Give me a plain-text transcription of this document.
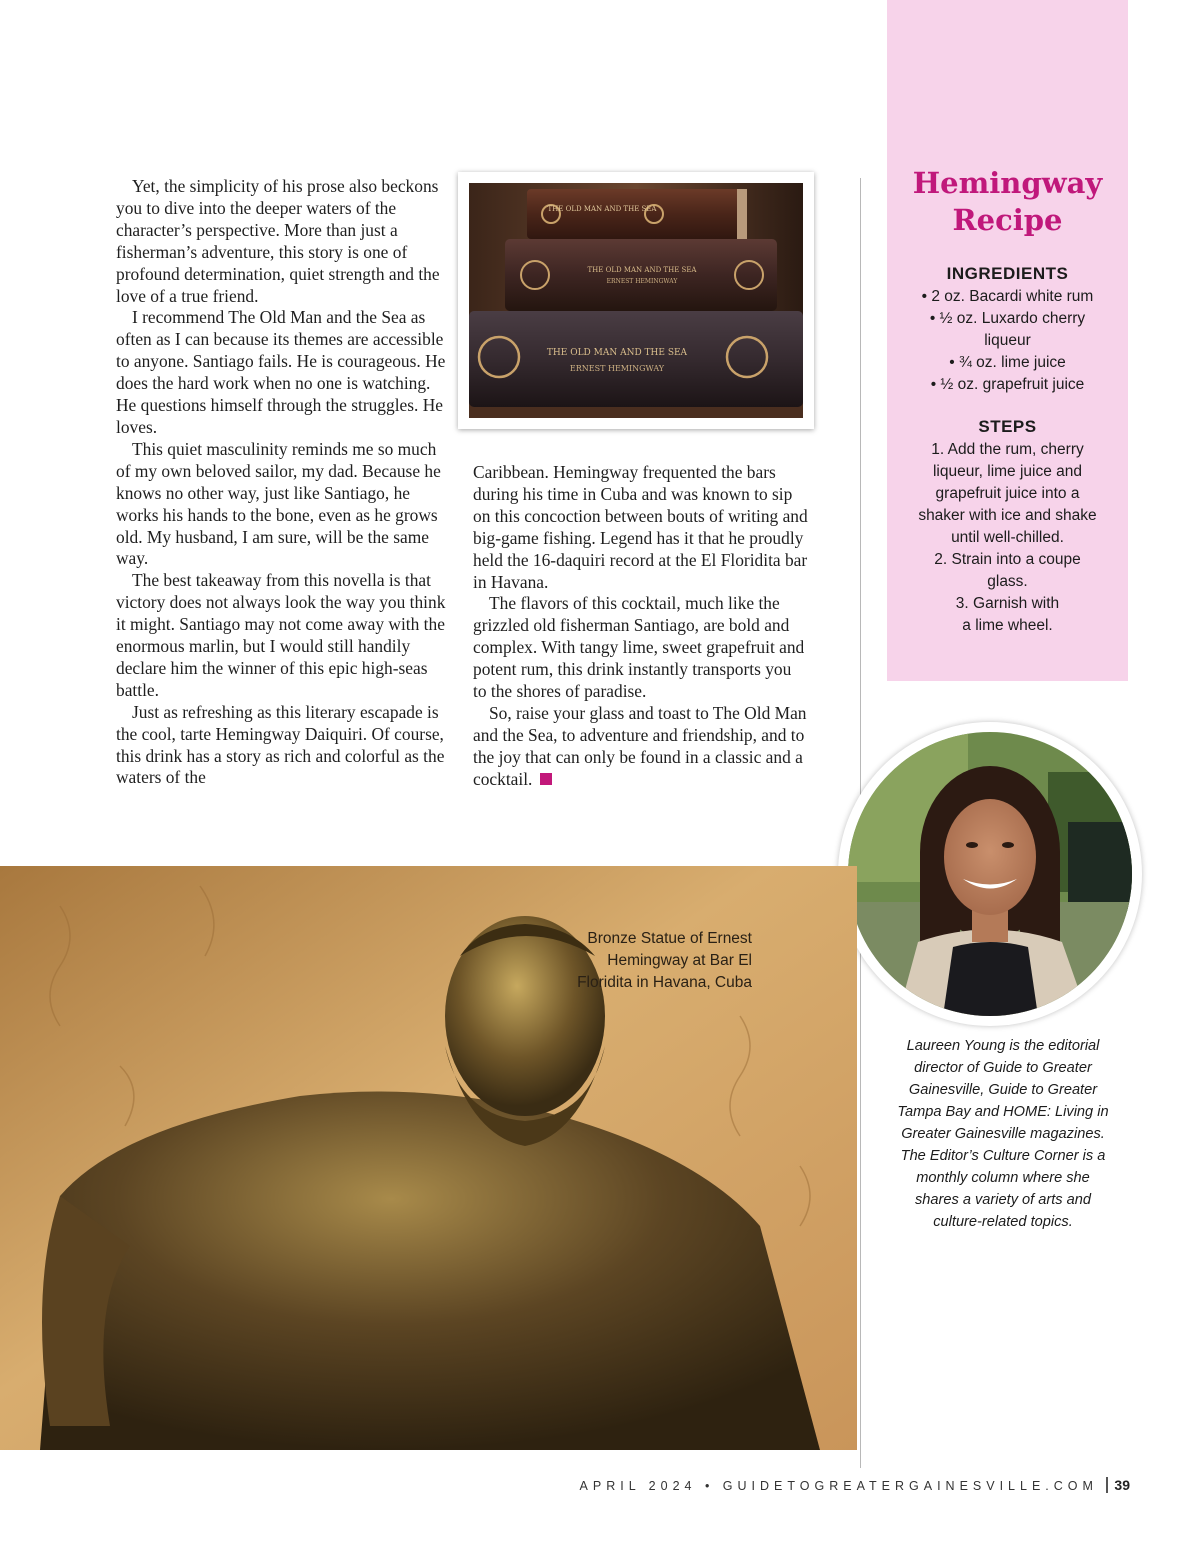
Yet, the simplicity of his prose also beckons you to dive into the deeper waters of the character’s perspective. More than just a fisherman’s adventure, this story is one of profound determination, quiet strength and the love of a true friend.

I recommend The Old Man and the Sea as often as I can because its themes are accessible to anyone. Santiago fails. He is courageous. He does the hard work when no one is watching. He questions himself through the struggles. He loves.

This quiet masculinity reminds me so much of my own beloved sailor, my dad. Because he knows no other way, just like Santiago, he works his hands to the bone, even as he grows old. My husband, I am sure, will be the same way.

The best takeaway from this novella is that victory does not always look the way you think it might. Santiago may not come away with the enormous marlin, but I would still handily declare him the winner of this epic high-seas battle.

Just as refreshing as this literary escapade is the cool, tarte Hemingway Daiquiri. Of course, this drink has a story as rich and colorful as the waters of the

THE OLD MAN AND THE SEA
THE OLD MAN AND THE SEA
ERNEST HEMINGWAY
THE OLD MAN AND THE SEA
ERNEST HEMINGWAY

Caribbean. Hemingway frequented the bars during his time in Cuba and was known to sip on this concoction between bouts of writing and big-game fishing. Legend has it that he proudly held the 16-daquiri record at the El Floridita bar in Havana.

The flavors of this cocktail, much like the grizzled old fisherman Santiago, are bold and complex. With tangy lime, sweet grapefruit and potent rum, this drink instantly transports you to the shores of paradise.

So, raise your glass and toast to The Old Man and the Sea, to adventure and friendship, and to the joy that can only be found in a classic and a cocktail.

Hemingway
Recipe
INGREDIENTS
• 2 oz. Bacardi white rum
• ½ oz. Luxardo cherry liqueur
• ¾ oz. lime juice
• ½ oz. grapefruit juice
STEPS
1. Add the rum, cherry liqueur, lime juice and grapefruit juice into a shaker with ice and shake until well-chilled.
2. Strain into a coupe glass.
3. Garnish with a lime wheel.
Laureen Young is the editorial director of Guide to Greater Gainesville, Guide to Greater Tampa Bay and HOME: Living in Greater Gainesville magazines. The Editor’s Culture Corner is a monthly column where she shares a variety of arts and culture-related topics.
Bronze Statue of Ernest Hemingway at Bar El Floridita in Havana, Cuba
APRIL 2024 • GUIDETOGREATERGAINESVILLE.COM 39
